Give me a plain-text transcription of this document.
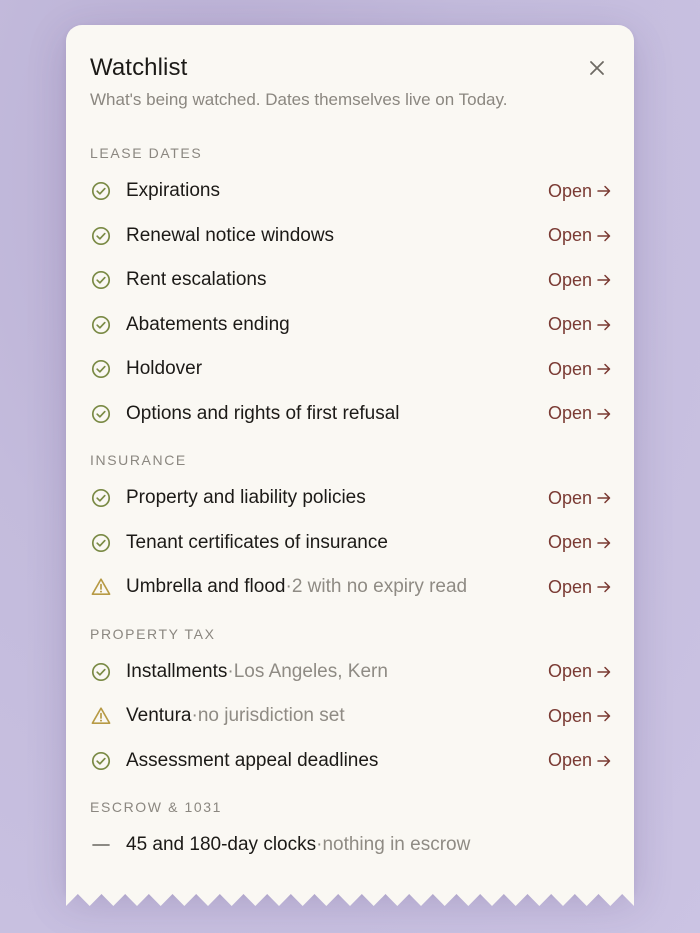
Watchlist
What's being watched. Dates themselves live on Today.
LEASE DATES
Expirations	Open
Renewal notice windows	Open
Rent escalations	Open
Abatements ending	Open
Holdover	Open
Options and rights of first refusal	Open
INSURANCE
Property and liability policies	Open
Tenant certificates of insurance	Open
Umbrella and flood · 2 with no expiry read	Open
PROPERTY TAX
Installments · Los Angeles, Kern	Open
Ventura · no jurisdiction set	Open
Assessment appeal deadlines	Open
ESCROW & 1031
45 and 180-day clocks · nothing in escrow
